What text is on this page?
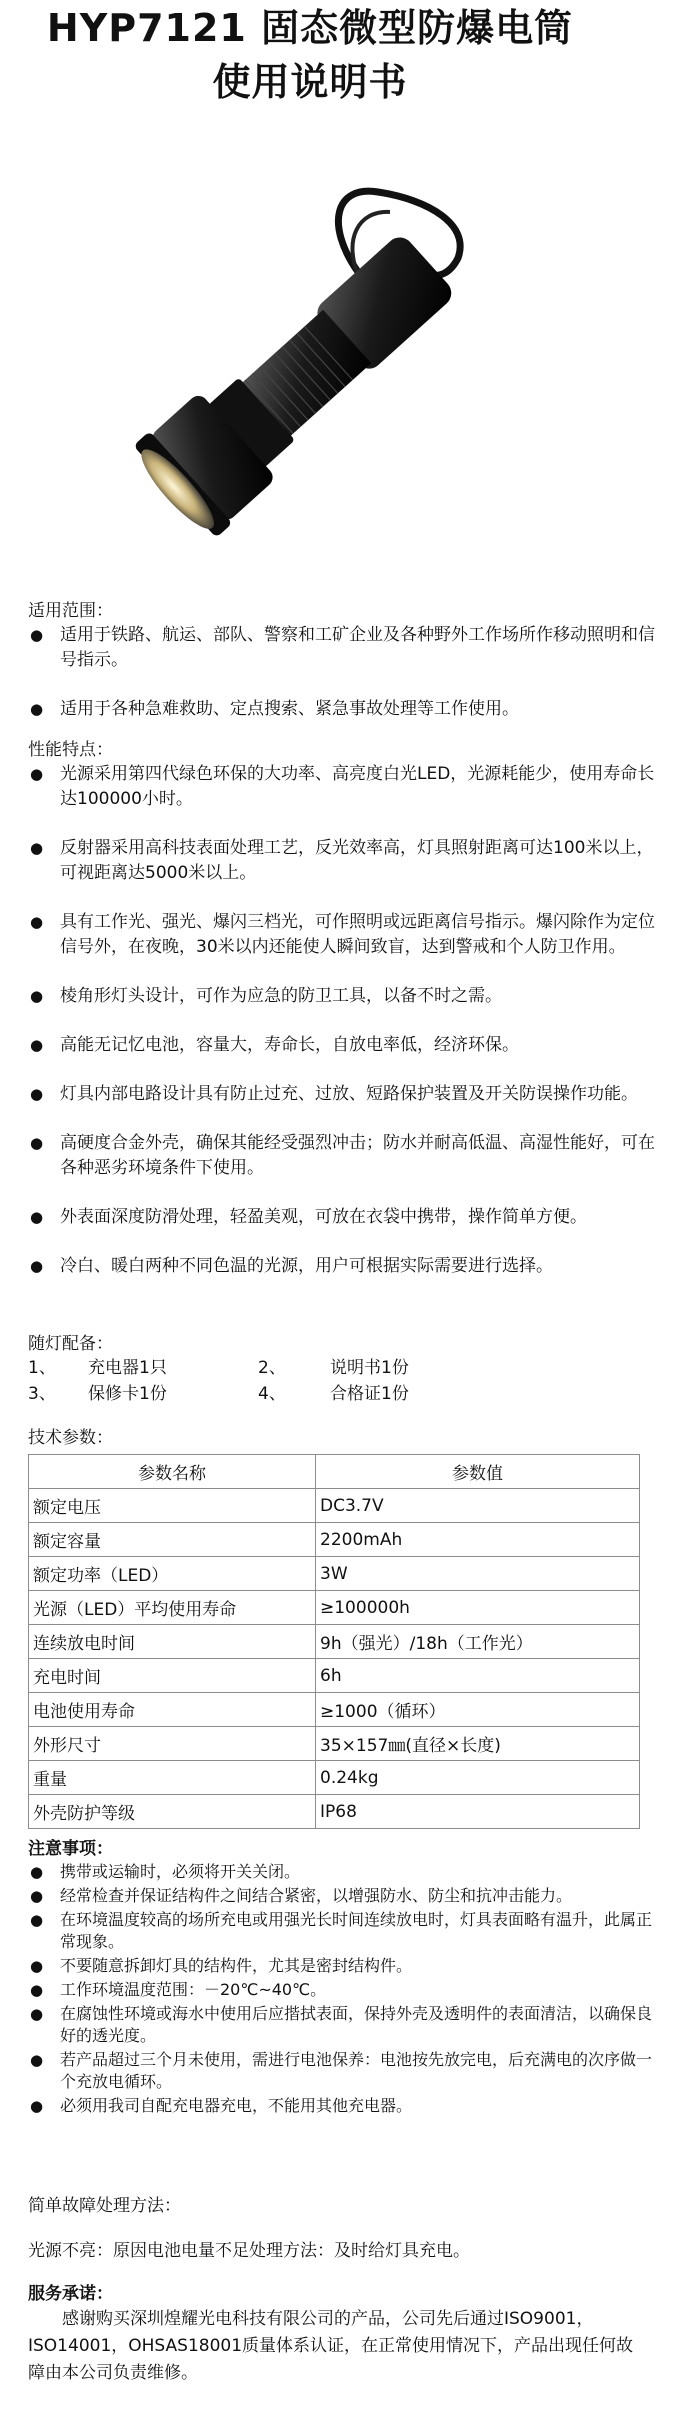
HYP7121 固态微型防爆电筒
使用说明书
适用范围：
● 适用于铁路、航运、部队、警察和工矿企业及各种野外工作场所作移动照明和信号指示。
● 适用于各种急难救助、定点搜索、紧急事故处理等工作使用。
性能特点：
● 光源采用第四代绿色环保的大功率、高亮度白光LED，光源耗能少，使用寿命长达100000小时。
● 反射器采用高科技表面处理工艺，反光效率高，灯具照射距离可达100米以上，可视距离达5000米以上。
● 具有工作光、强光、爆闪三档光，可作照明或远距离信号指示。爆闪除作为定位信号外，在夜晚，30米以内还能使人瞬间致盲，达到警戒和个人防卫作用。
● 棱角形灯头设计，可作为应急的防卫工具，以备不时之需。
● 高能无记忆电池，容量大，寿命长，自放电率低，经济环保。
● 灯具内部电路设计具有防止过充、过放、短路保护装置及开关防误操作功能。
● 高硬度合金外壳，确保其能经受强烈冲击；防水并耐高低温、高湿性能好，可在各种恶劣环境条件下使用。
● 外表面深度防滑处理，轻盈美观，可放在衣袋中携带，操作简单方便。
● 冷白、暖白两种不同色温的光源，用户可根据实际需要进行选择。
随灯配备：
1、 充电器1只	2、	说明书1份
3、 保修卡1份	4、	合格证1份
技术参数：
参数名称	参数值
额定电压	DC3.7V
额定容量	2200mAh
额定功率（LED）	3W
光源（LED）平均使用寿命	≥100000h
连续放电时间	9h（强光）/18h（工作光）
充电时间	6h
电池使用寿命	≥1000（循环）
外形尺寸	35×157㎜(直径×长度)
重量	0.24kg
外壳防护等级	IP68
注意事项：
● 携带或运输时，必须将开关关闭。
● 经常检查并保证结构件之间结合紧密，以增强防水、防尘和抗冲击能力。
● 在环境温度较高的场所充电或用强光长时间连续放电时，灯具表面略有温升，此属正常现象。
● 不要随意拆卸灯具的结构件，尤其是密封结构件。
● 工作环境温度范围：－20℃~40℃。
● 在腐蚀性环境或海水中使用后应揩拭表面，保持外壳及透明件的表面清洁，以确保良好的透光度。
● 若产品超过三个月未使用，需进行电池保养：电池按先放完电，后充满电的次序做一个充放电循环。
● 必须用我司自配充电器充电，不能用其他充电器。
简单故障处理方法：
光源不亮：原因电池电量不足处理方法：及时给灯具充电。
服务承诺：
感谢购买深圳煌耀光电科技有限公司的产品，公司先后通过ISO9001，ISO14001，OHSAS18001质量体系认证，在正常使用情况下，产品出现任何故障由本公司负责维修。
